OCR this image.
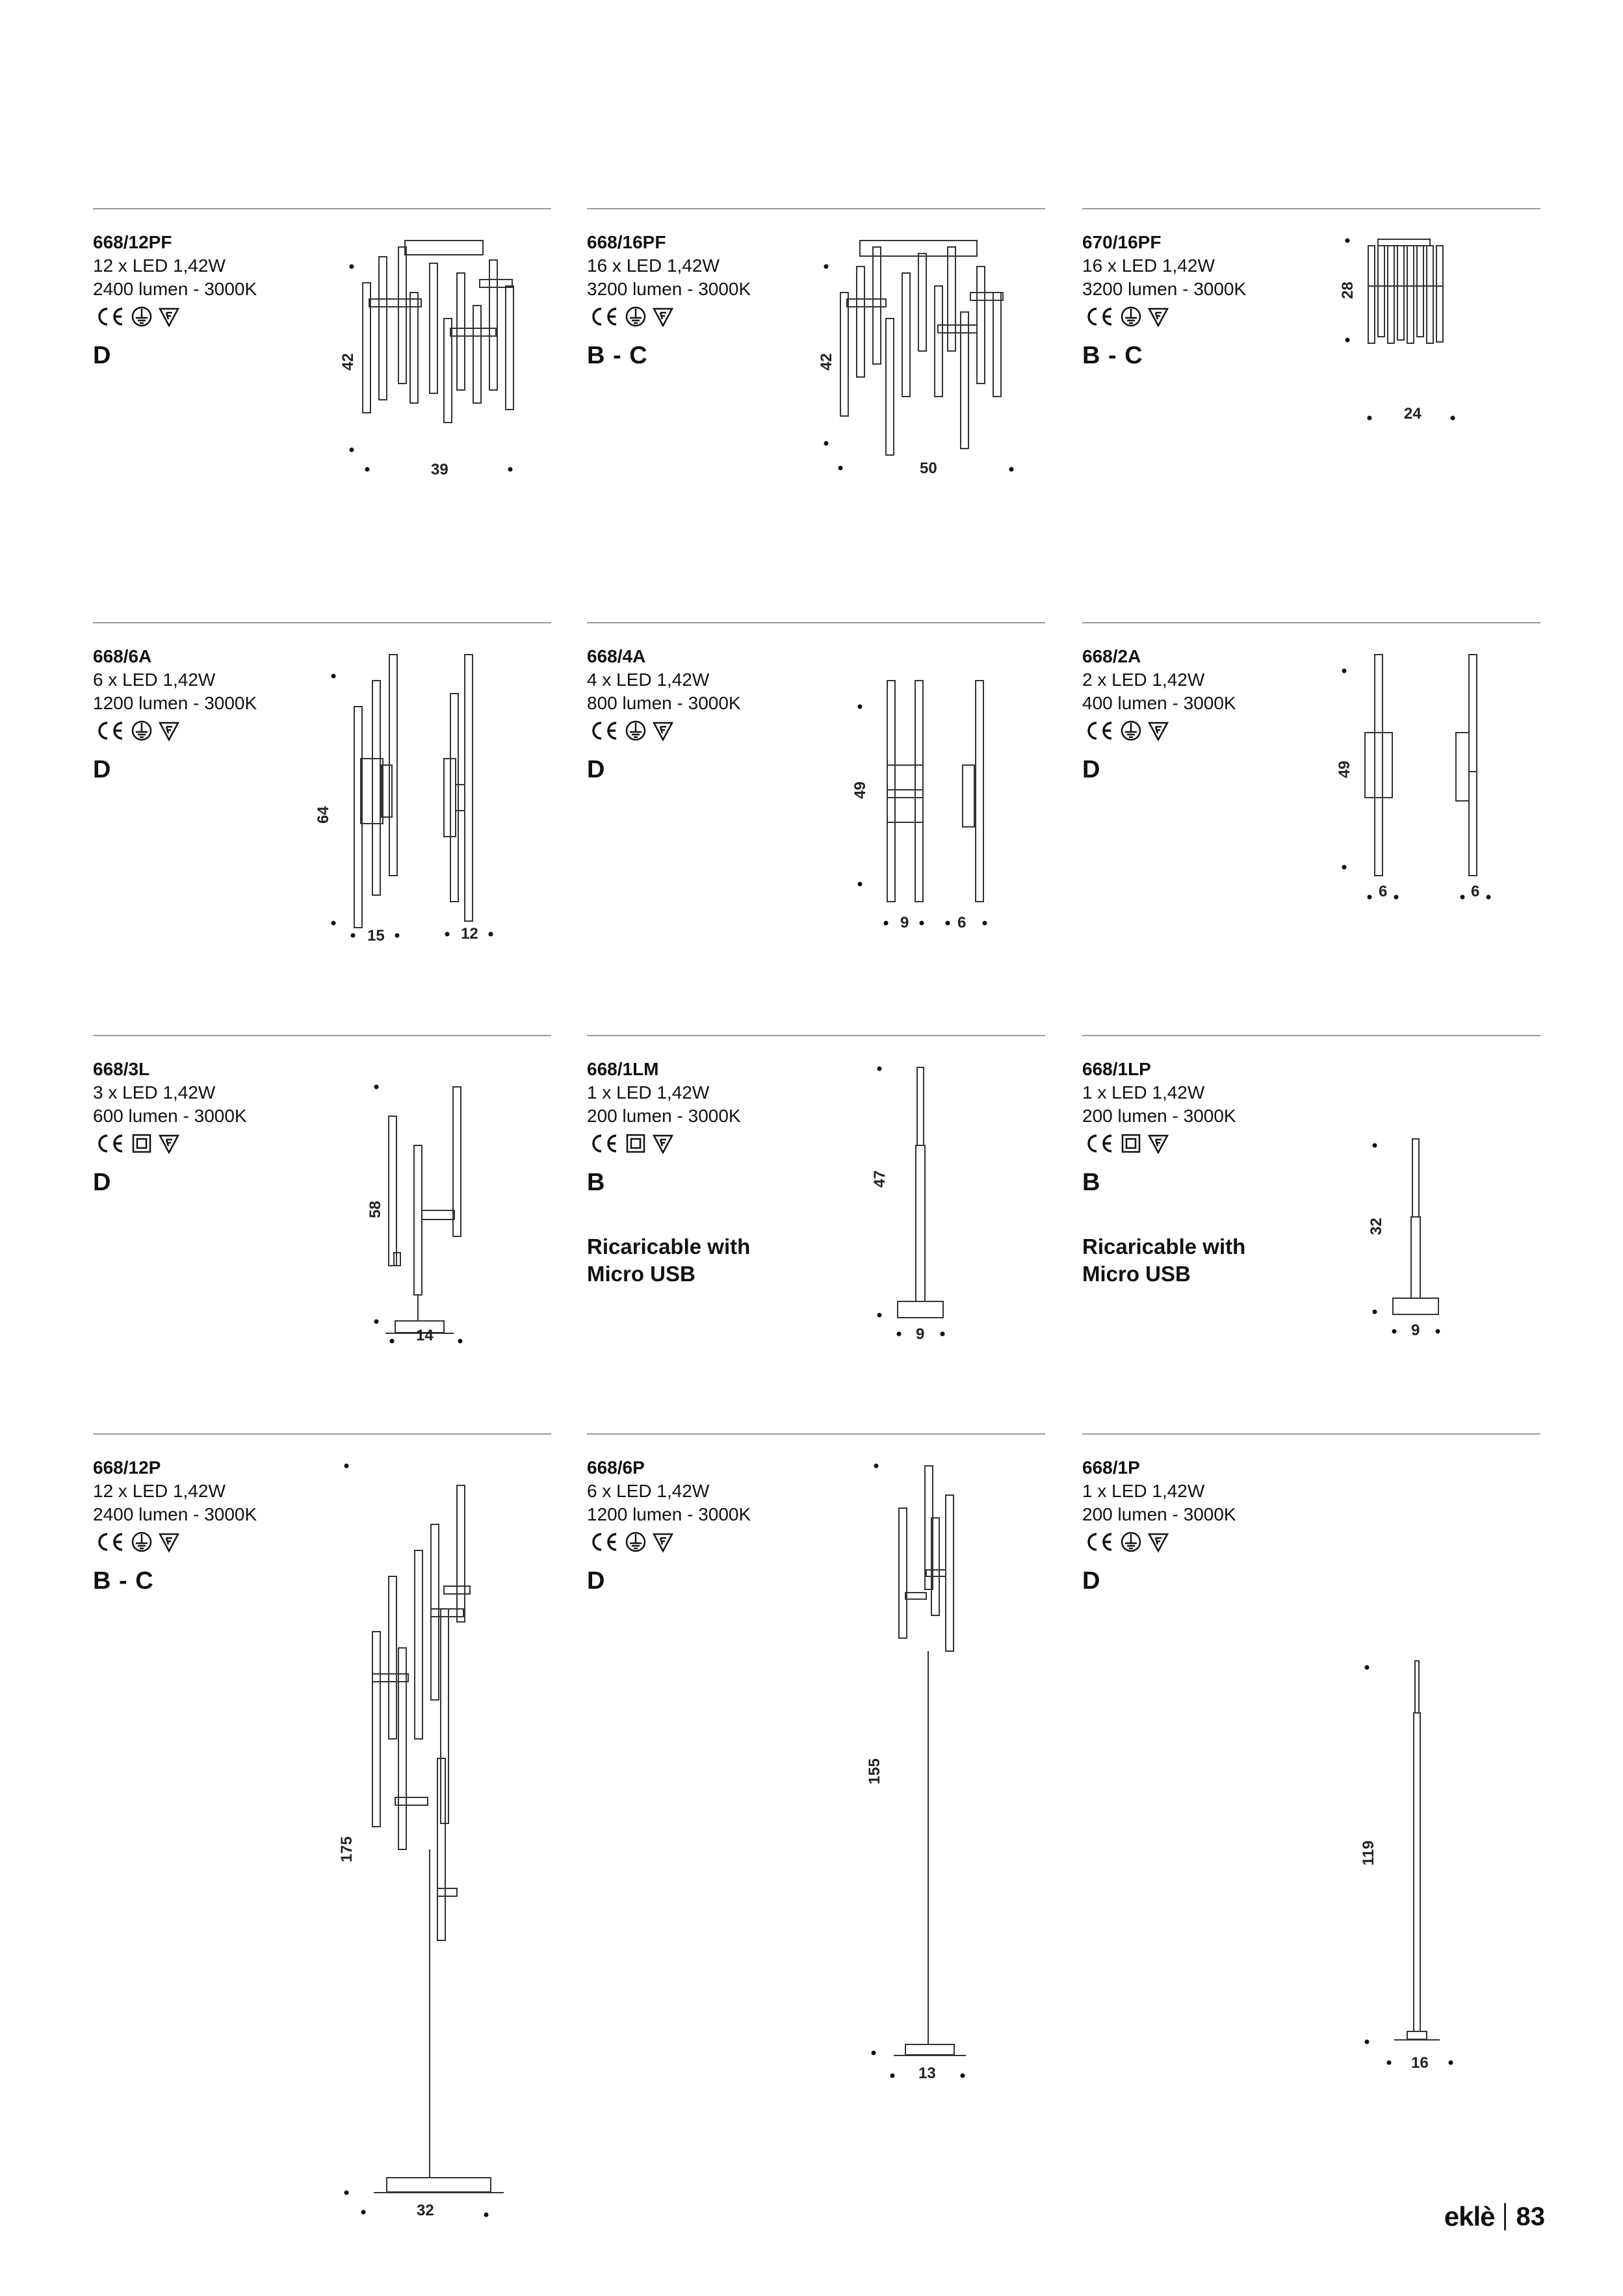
668/12PF
12 x LED 1,42W
2400 lumen - 3000K
D	42
39
668/16PF
16 x LED 1,42W
3200 lumen - 3000K
B - C	42
50
670/16PF
16 x LED 1,42W
3200 lumen - 3000K
B - C
28
24
668/6A
6 x LED 1,42W
1200 lumen - 3000K
D
64
15	12
668/4A
4 x LED 1,42W
800 lumen - 3000K
D
49
9	6
668/2A
2 x LED 1,42W
400 lumen - 3000K
D	49
6	6
668/3L
3 x LED 1,42W
600 lumen - 3000K
D
58
14
668/1LM
1 x LED 1,42W
200 lumen - 3000K
B
Ricaricable with Micro USB
47
9
668/1LP
1 x LED 1,42W
200 lumen - 3000K
B
Ricaricable with Micro USB
32
9
668/12P
12 x LED 1,42W
2400 lumen - 3000K
B - C
175
32
668/6P
6 x LED 1,42W
1200 lumen - 3000K
D
155
13
668/1P
1 x LED 1,42W
200 lumen - 3000K
D
119
16
eklè 83
